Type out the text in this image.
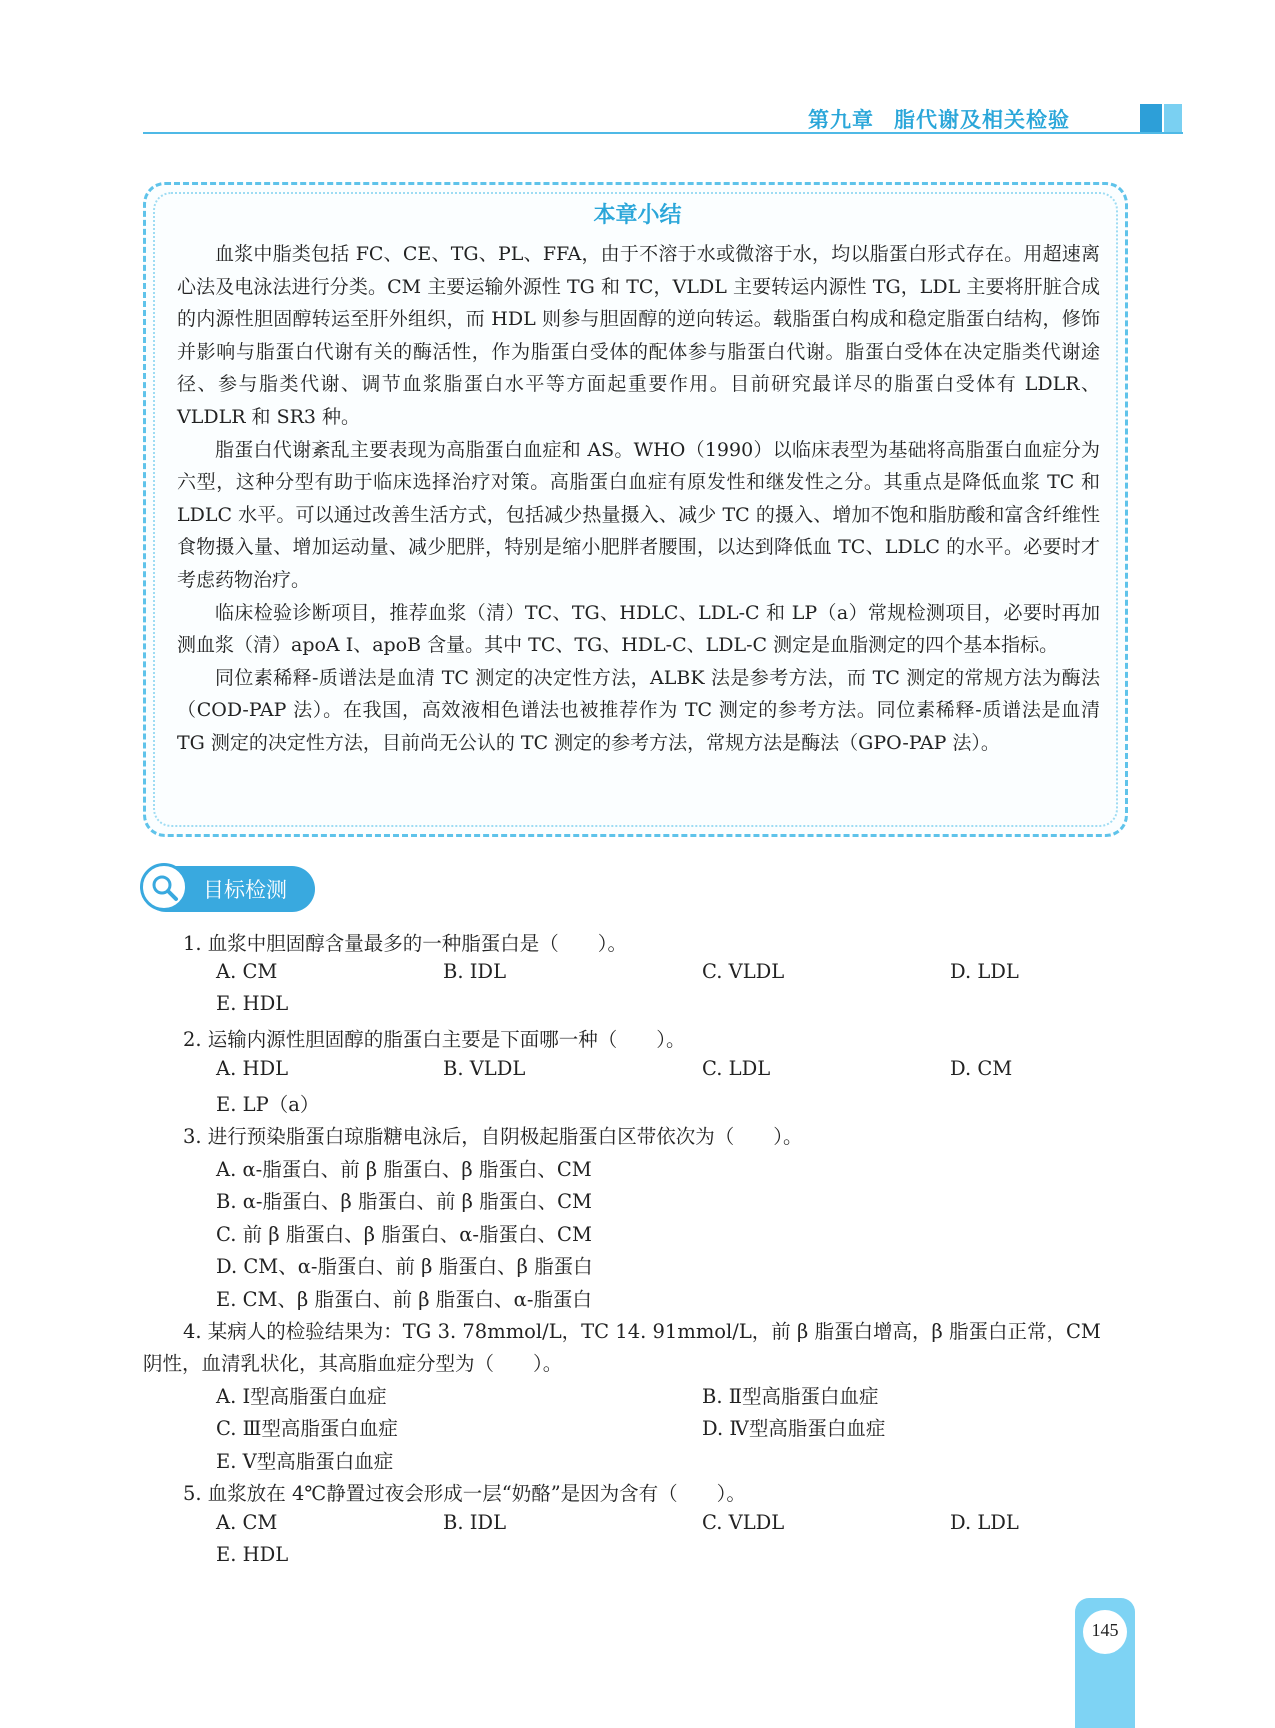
第九章 脂代谢及相关检验
本章小结

血浆中脂类包括 FC、CE、TG、PL、FFA，由于不溶于水或微溶于水，均以脂蛋白形式存在。用超速离心法及电泳法进行分类。CM 主要运输外源性 TG 和 TC，VLDL 主要转运内源性 TG，LDL 主要将肝脏合成的内源性胆固醇转运至肝外组织，而 HDL 则参与胆固醇的逆向转运。载脂蛋白构成和稳定脂蛋白结构，修饰并影响与脂蛋白代谢有关的酶活性，作为脂蛋白受体的配体参与脂蛋白代谢。脂蛋白受体在决定脂类代谢途径、参与脂类代谢、调节血浆脂蛋白水平等方面起重要作用。目前研究最详尽的脂蛋白受体有 LDLR、VLDLR 和 SR3 种。

脂蛋白代谢紊乱主要表现为高脂蛋白血症和 AS。WHO（1990）以临床表型为基础将高脂蛋白血症分为六型，这种分型有助于临床选择治疗对策。高脂蛋白血症有原发性和继发性之分。其重点是降低血浆 TC 和 LDLC 水平。可以通过改善生活方式，包括减少热量摄入、减少 TC 的摄入、增加不饱和脂肪酸和富含纤维性食物摄入量、增加运动量、减少肥胖，特别是缩小肥胖者腰围，以达到降低血 TC、LDLC 的水平。必要时才考虑药物治疗。

临床检验诊断项目，推荐血浆（清）TC、TG、HDLC、LDL-C 和 LP（a）常规检测项目，必要时再加测血浆（清）apoA Ⅰ、apoB 含量。其中 TC、TG、HDL-C、LDL-C 测定是血脂测定的四个基本指标。

同位素稀释-质谱法是血清 TC 测定的决定性方法，ALBK 法是参考方法，而 TC 测定的常规方法为酶法（COD-PAP 法）。在我国，高效液相色谱法也被推荐作为 TC 测定的参考方法。同位素稀释-质谱法是血清 TG 测定的决定性方法，目前尚无公认的 TC 测定的参考方法，常规方法是酶法（GPO-PAP 法）。

目标检测
1. 血浆中胆固醇含量最多的一种脂蛋白是（　　）。
A. CM	B. IDL	C. VLDL	D. LDL
E. HDL
2. 运输内源性胆固醇的脂蛋白主要是下面哪一种（　　）。
A. HDL	B. VLDL	C. LDL	D. CM
E. LP（a）
3. 进行预染脂蛋白琼脂糖电泳后，自阴极起脂蛋白区带依次为（　　）。
A. α-脂蛋白、前 β 脂蛋白、β 脂蛋白、CM
B. α-脂蛋白、β 脂蛋白、前 β 脂蛋白、CM
C. 前 β 脂蛋白、β 脂蛋白、α-脂蛋白、CM
D. CM、α-脂蛋白、前 β 脂蛋白、β 脂蛋白
E. CM、β 脂蛋白、前 β 脂蛋白、α-脂蛋白
4. 某病人的检验结果为：TG 3. 78mmol/L，TC 14. 91mmol/L，前 β 脂蛋白增高，β 脂蛋白正常，CM
阴性，血清乳状化，其高脂血症分型为（　　）。
A. Ⅰ型高脂蛋白血症	B. Ⅱ型高脂蛋白血症
C. Ⅲ型高脂蛋白血症	D. Ⅳ型高脂蛋白血症
E. Ⅴ型高脂蛋白血症
5. 血浆放在 4℃静置过夜会形成一层“奶酪”是因为含有（　　）。
A. CM	B. IDL	C. VLDL	D. LDL
E. HDL
145
